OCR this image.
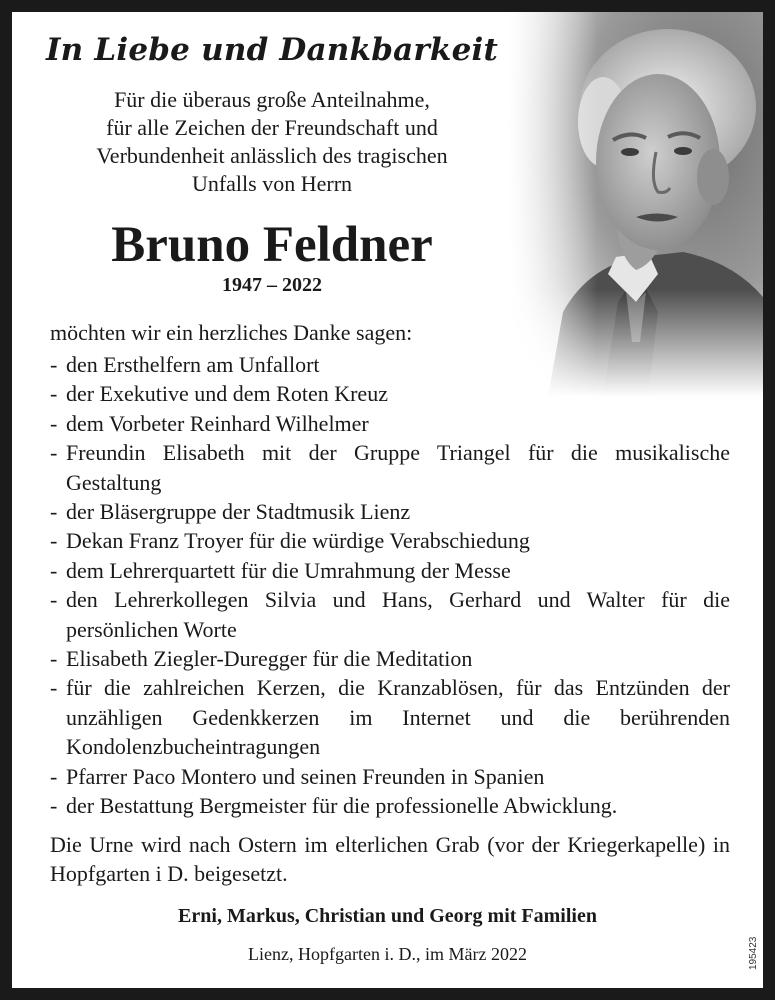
In Liebe und Dankbarkeit
Für die überaus große Anteilnahme,
für alle Zeichen der Freundschaft und
Verbundenheit anlässlich des tragischen
Unfalls von Herrn
Bruno Feldner
1947 – 2022
möchten wir ein herzliches Danke sagen:
- den Ersthelfern am Unfallort
- der Exekutive und dem Roten Kreuz
- dem Vorbeter Reinhard Wilhelmer
- Freundin Elisabeth mit der Gruppe Triangel für die musikalische Gestaltung
- der Bläsergruppe der Stadtmusik Lienz
- Dekan Franz Troyer für die würdige Verabschiedung
- dem Lehrerquartett für die Umrahmung der Messe
- den Lehrerkollegen Silvia und Hans, Gerhard und Walter für die persönlichen Worte
- Elisabeth Ziegler-Duregger für die Meditation
- für die zahlreichen Kerzen, die Kranzablösen, für das Entzünden der unzähligen Gedenkkerzen im Internet und die berührenden Kondolenzbucheintragungen
- Pfarrer Paco Montero und seinen Freunden in Spanien
- der Bestattung Bergmeister für die professionelle Abwicklung.
Die Urne wird nach Ostern im elterlichen Grab (vor der Kriegerkapelle) in Hopfgarten i D. beigesetzt.
Erni, Markus, Christian und Georg mit Familien
Lienz, Hopfgarten i. D., im März 2022	195423
